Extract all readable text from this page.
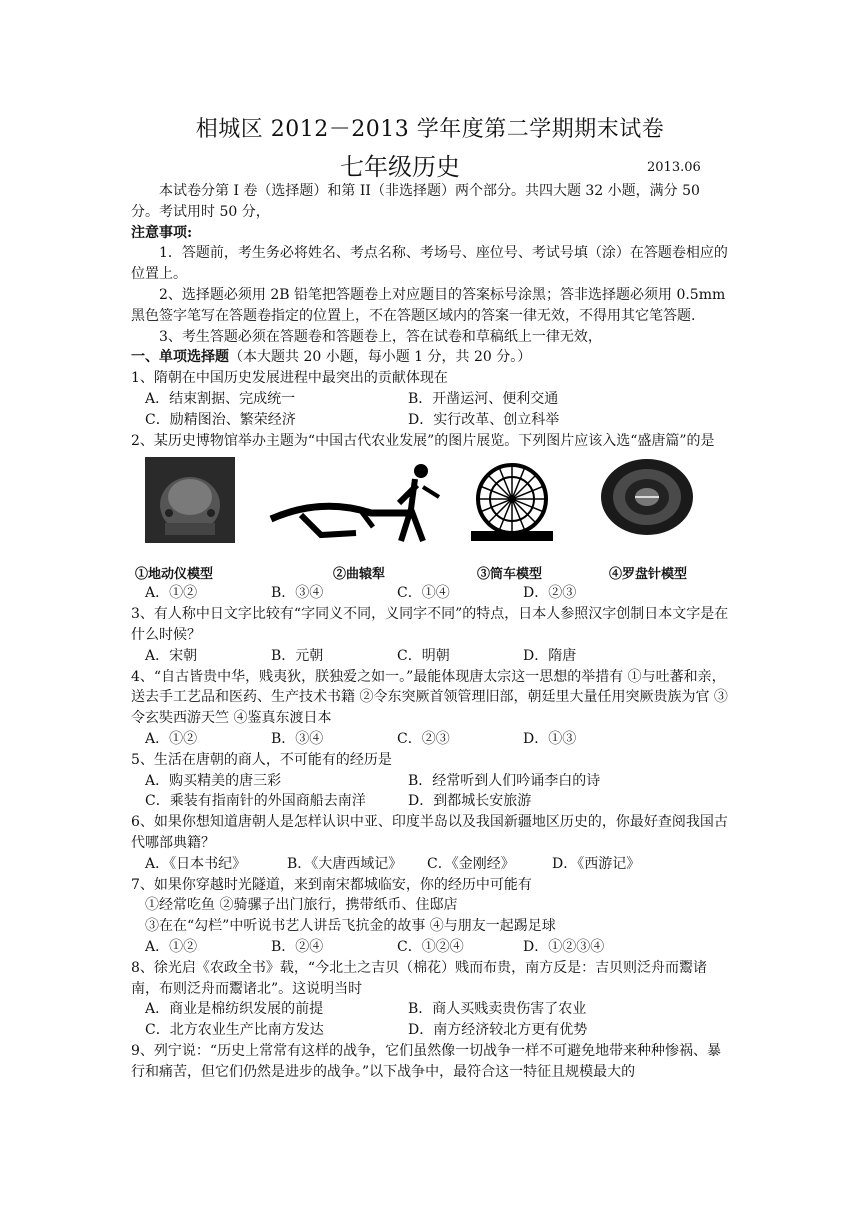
相城区 2012－2013 学年度第二学期期末试卷
七年级历史	2013.06

本试卷分第 I 卷（选择题）和第 II（非选择题）两个部分。共四大题 32 小题，满分 50 分。考试用时 50 分，

注意事项:

1．答题前，考生务必将姓名、考点名称、考场号、座位号、考试号填（涂）在答题卷相应的位置上。

2、选择题必须用 2B 铅笔把答题卷上对应题目的答案标号涂黑；答非选择题必须用 0.5mm 黑色签字笔写在答题卷指定的位置上，不在答题区域内的答案一律无效，不得用其它笔答题.

3、考生答题必须在答题卷和答题卷上，答在试卷和草稿纸上一律无效，

一、单项选择题（本大题共 20 小题，每小题 1 分，共 20 分。）

1、隋朝在中国历史发展进程中最突出的贡献体现在

A．结束割据、完成统一	B．开凿运河、便利交通
C．励精图治、繁荣经济	D．实行改革、创立科举

2、某历史博物馆举办主题为“中国古代农业发展”的图片展览。下列图片应该入选“盛唐篇”的是

①地动仪模型	②曲辕犁	③筒车模型	④罗盘针模型
A．①②	B．③④	C．①④	D．②③

3、有人称中日文字比较有“字同义不同，义同字不同”的特点，日本人参照汉字创制日本文字是在什么时候？

A．宋朝	B．元朝	C．明朝	D．隋唐

4、“自古皆贵中华，贱夷狄，朕独爱之如一。”最能体现唐太宗这一思想的举措有 ①与吐蕃和亲，送去手工艺品和医药、生产技术书籍 ②令东突厥首领管理旧部，朝廷里大量任用突厥贵族为官 ③令玄奘西游天竺 ④鉴真东渡日本

A．①②	B．③④	C．②③	D．①③

5、生活在唐朝的商人，不可能有的经历是

A．购买精美的唐三彩	B．经常听到人们吟诵李白的诗
C．乘装有指南针的外国商船去南洋	D．到都城长安旅游

6、如果你想知道唐朝人是怎样认识中亚、印度半岛以及我国新疆地区历史的，你最好查阅我国古代哪部典籍？

A．《日本书纪》	B．《大唐西域记》	C．《金刚经》	D．《西游记》

7、如果你穿越时光隧道，来到南宋都城临安，你的经历中可能有

①经常吃鱼 ②骑骡子出门旅行，携带纸币、住邸店

③在在“勾栏”中听说书艺人讲岳飞抗金的故事 ④与朋友一起踢足球

A．①②	B．②④	C．①②④	D．①②③④

8、徐光启《农政全书》载，“今北土之吉贝（棉花）贱而布贵，南方反是：吉贝则泛舟而鬻诸南，布则泛舟而鬻诸北”。这说明当时

A．商业是棉纺织发展的前提	B．商人买贱卖贵伤害了农业
C．北方农业生产比南方发达	D．南方经济较北方更有优势

9、列宁说：“历史上常常有这样的战争，它们虽然像一切战争一样不可避免地带来种种惨祸、暴行和痛苦，但它们仍然是进步的战争。”以下战争中，最符合这一特征且规模最大的
